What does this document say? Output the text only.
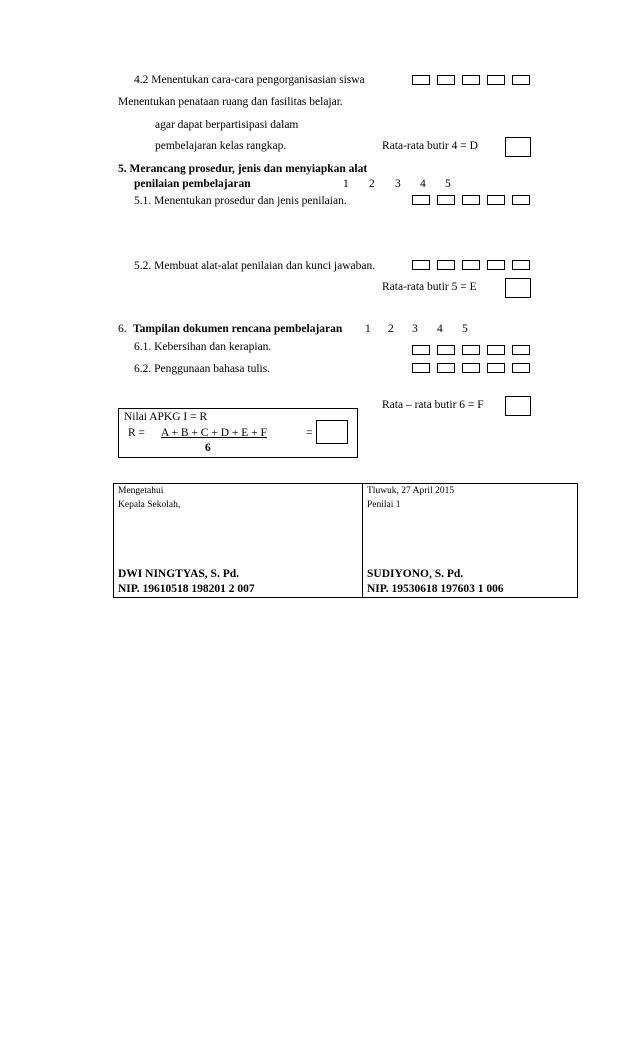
4.2 Menentukan cara-cara pengorganisasian siswa
Menentukan penataan ruang dan fasilitas belajar.
agar dapat berpartisipasi dalam
pembelajaran kelas rangkap.	Rata-rata butir 4 = D
5. Merancang prosedur, jenis dan menyiapkan alat
penilaian pembelajaran	1 2 3 4 5
5.1. Menentukan prosedur dan jenis penilaian.
5.2. Membuat alat-alat penilaian dan kunci jawaban.
Rata-rata butir 5 = E
6. Tampilan dokumen rencana pembelajaran 1 2 3 4 5
6.1. Kebersihan dan kerapian.
6.2. Penggunaan bahasa tulis.
Rata – rata butir 6 = F
Nilai APKG I = R
R = A + B + C + D + E + F	=
6
Mengetahui
Kepala Sekolah,
DWI NINGTYAS, S. Pd.
NIP. 19610518 198201 2 007
Tluwuk, 27 April 2015
Penilai 1
SUDIYONO, S. Pd.
NIP. 19530618 197603 1 006
